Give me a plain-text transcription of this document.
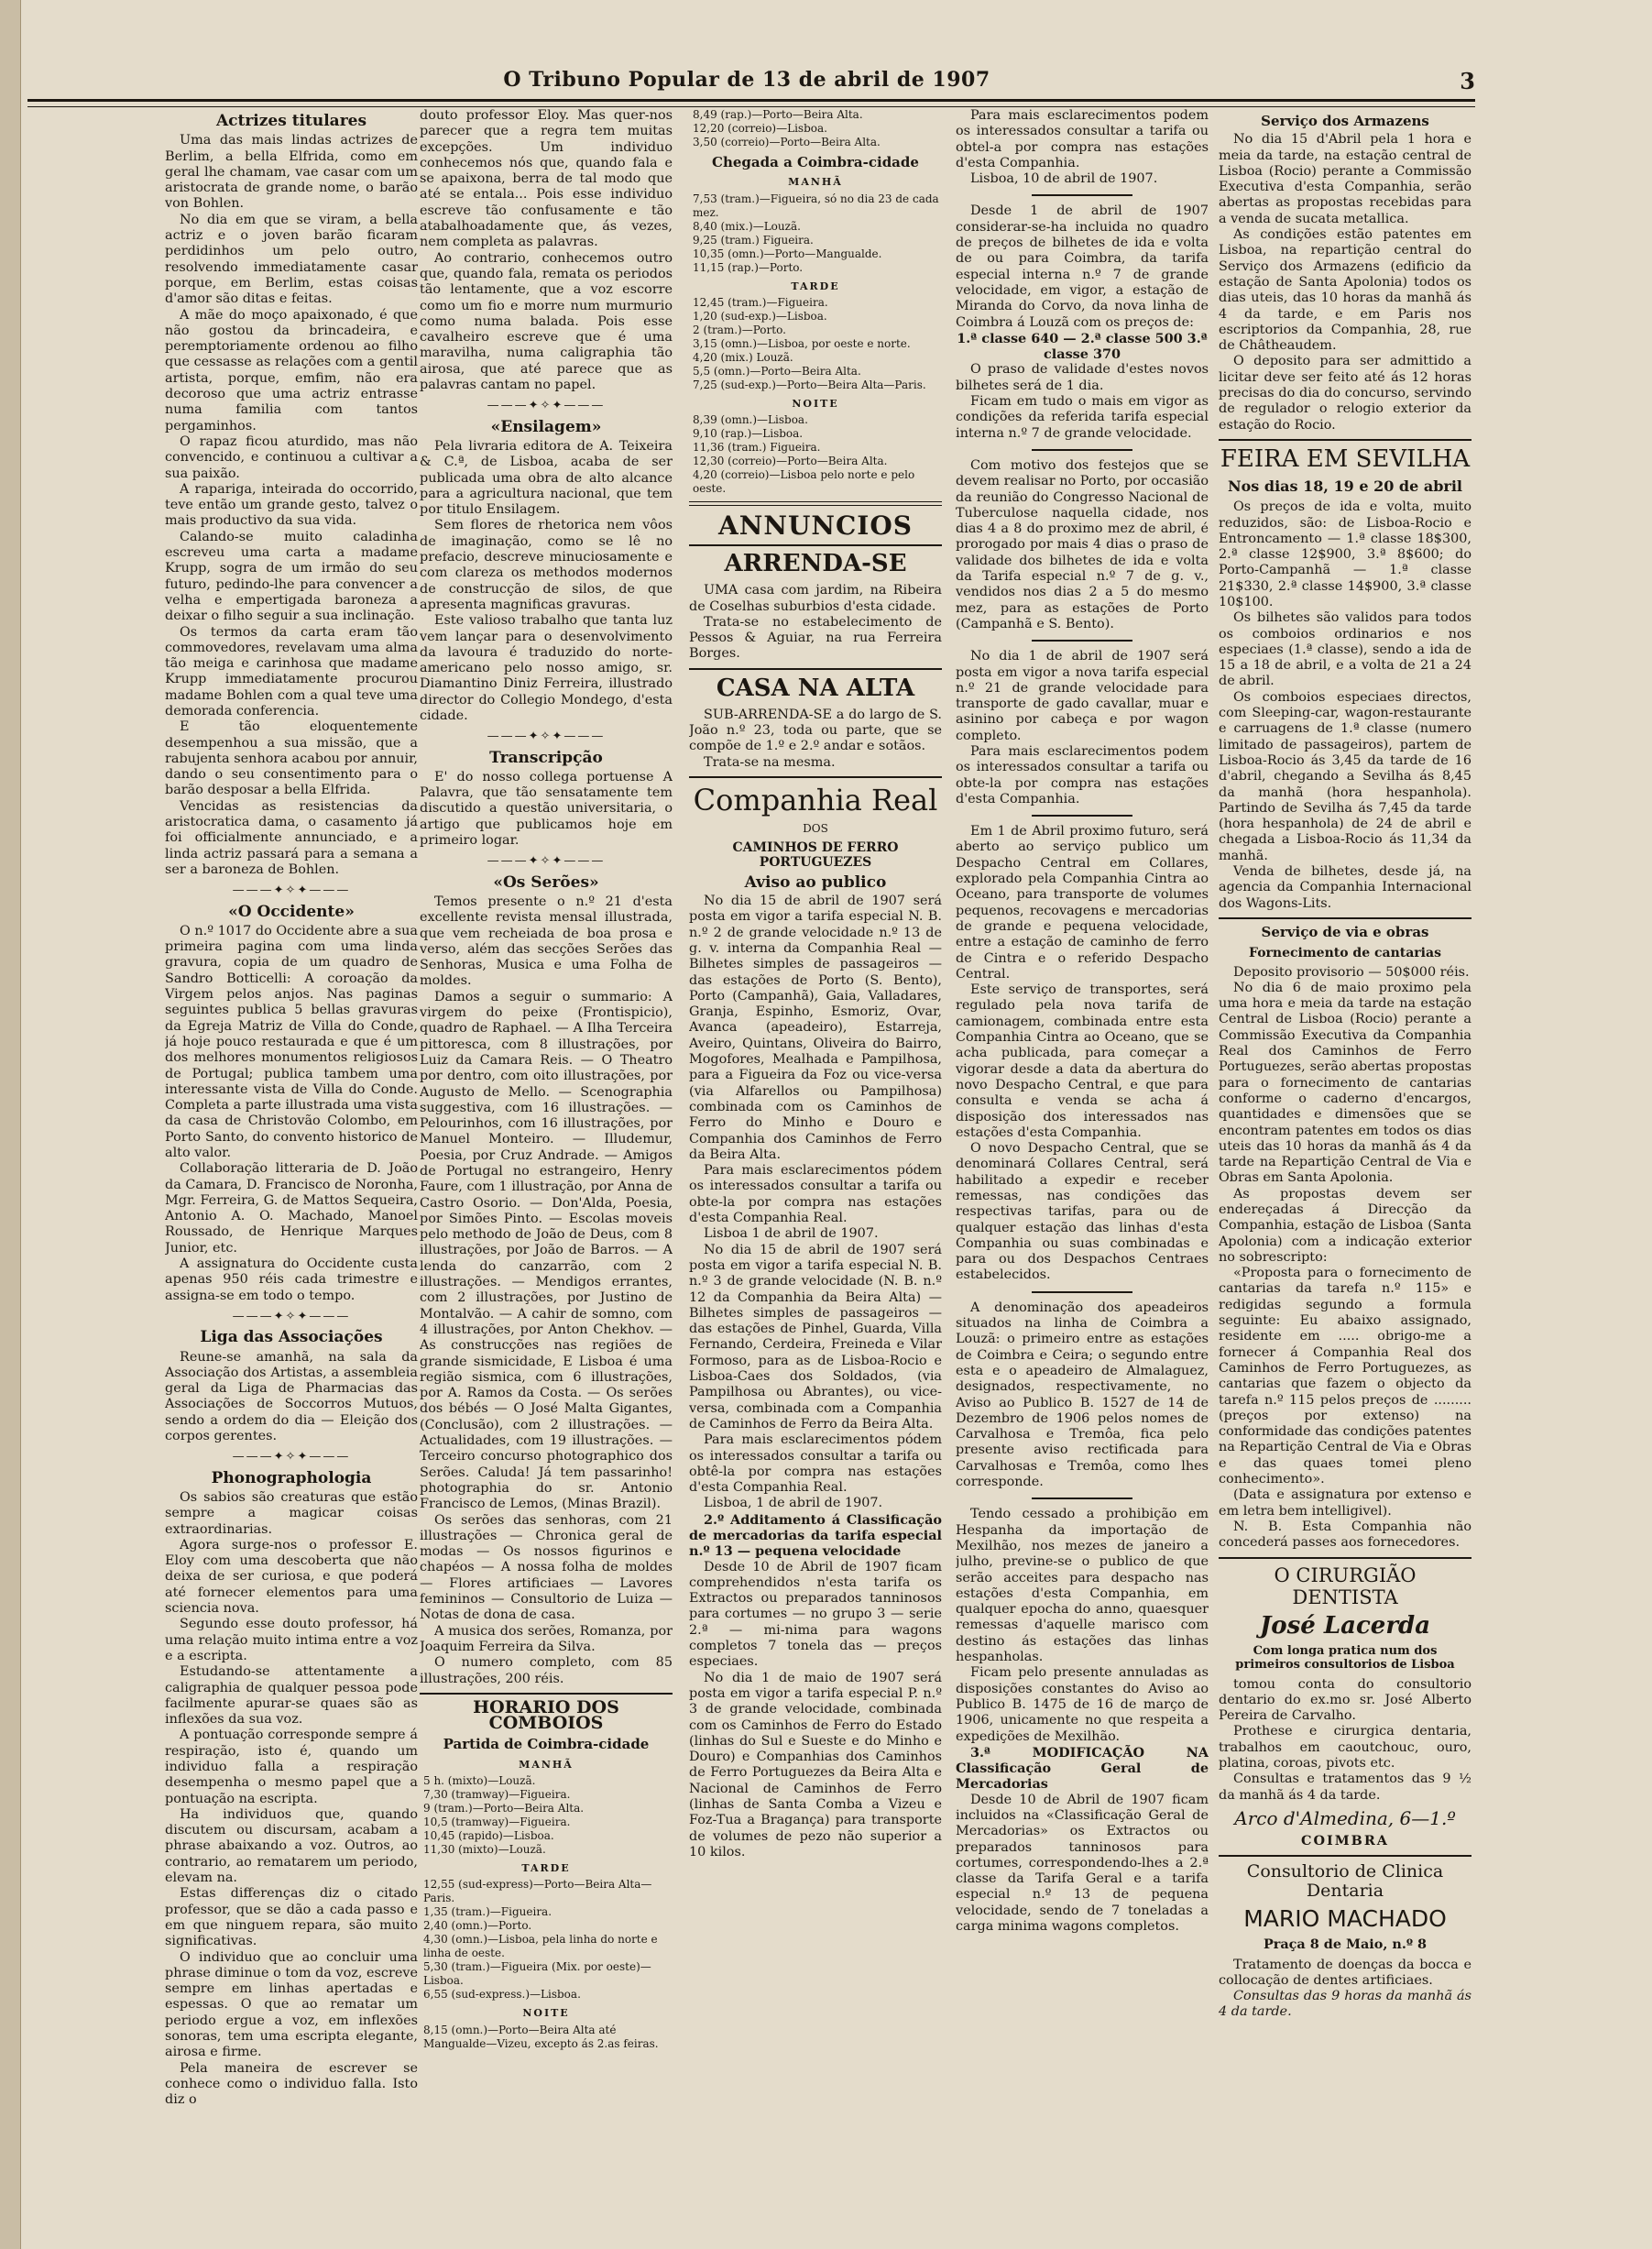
O Tribuno Popular de 13 de abril de 1907	3
Actrizes titulares

Uma das mais lindas actrizes de Berlim, a bella Elfrida, como em geral lhe chamam, vae casar com um aristocrata de grande nome, o barão von Bohlen.

No dia em que se viram, a bella actriz e o joven barão ficaram perdidinhos um pelo outro, resolvendo immediatamente casar porque, em Berlim, estas coisas d'amor são ditas e feitas.

A mãe do moço apaixonado, é que não gostou da brincadeira, e peremptoriamente ordenou ao filho que cessasse as relações com a gentil artista, porque, emfim, não era decoroso que uma actriz entrasse numa familia com tantos pergaminhos.

O rapaz ficou aturdido, mas não convencido, e continuou a cultivar a sua paixão.

A rapariga, inteirada do occorrido, teve então um grande gesto, talvez o mais productivo da sua vida.

Calando-se muito caladinha escreveu uma carta a madame Krupp, sogra de um irmão do seu futuro, pedindo-lhe para convencer a velha e empertigada baroneza a deixar o filho seguir a sua inclinação.

Os termos da carta eram tão commovedores, revelavam uma alma tão meiga e carinhosa que madame Krupp immediatamente procurou madame Bohlen com a qual teve uma demorada conferencia.

E tão eloquentemente desempenhou a sua missão, que a rabujenta senhora acabou por annuir, dando o seu consentimento para o barão desposar a bella Elfrida.

Vencidas as resistencias da aristocratica dama, o casamento já foi officialmente annunciado, e a linda actriz passará para a semana a ser a baroneza de Bohlen.

———✦✧✦———
«O Occidente»

O n.º 1017 do Occidente abre a sua primeira pagina com uma linda gravura, copia de um quadro de Sandro Botticelli: A coroação da Virgem pelos anjos. Nas paginas seguintes publica 5 bellas gravuras da Egreja Matriz de Villa do Conde, já hoje pouco restaurada e que é um dos melhores monumentos religiosos de Portugal; publica tambem uma interessante vista de Villa do Conde. Completa a parte illustrada uma vista da casa de Christovão Colombo, em Porto Santo, do convento historico de alto valor.

Collaboração litteraria de D. João da Camara, D. Francisco de Noronha, Mgr. Ferreira, G. de Mattos Sequeira, Antonio A. O. Machado, Manoel Roussado, de Henrique Marques Junior, etc.

A assignatura do Occidente custa apenas 950 réis cada trimestre e assigna-se em todo o tempo.

———✦✧✦———
Liga das Associações

Reune-se amanhã, na sala da Associação dos Artistas, a assembleia geral da Liga de Pharmacias das Associações de Soccorros Mutuos, sendo a ordem do dia — Eleição dos corpos gerentes.

———✦✧✦———
Phonographologia

Os sabios são creaturas que estão sempre a magicar coisas extraordinarias.

Agora surge-nos o professor E. Eloy com uma descoberta que não deixa de ser curiosa, e que poderá até fornecer elementos para uma sciencia nova.

Segundo esse douto professor, há uma relação muito intima entre a voz e a escripta.

Estudando-se attentamente a caligraphia de qualquer pessoa pode facilmente apurar-se quaes são as inflexões da sua voz.

A pontuação corresponde sempre á respiração, isto é, quando um individuo falla a respiração desempenha o mesmo papel que a pontuação na escripta.

Ha individuos que, quando discutem ou discursam, acabam a phrase abaixando a voz. Outros, ao contrario, ao rematarem um periodo, elevam na.

Estas differenças diz o citado professor, que se dão a cada passo e em que ninguem repara, são muito significativas.

O individuo que ao concluir uma phrase diminue o tom da voz, escreve sempre em linhas apertadas e espessas. O que ao rematar um periodo ergue a voz, em inflexões sonoras, tem uma escripta elegante, airosa e firme.

Pela maneira de escrever se conhece como o individuo falla. Isto diz o

douto professor Eloy. Mas quer-nos parecer que a regra tem muitas excepções. Um individuo conhecemos nós que, quando fala e se apaixona, berra de tal modo que até se entala... Pois esse individuo escreve tão confusamente e tão atabalhoadamente que, ás vezes, nem completa as palavras.

Ao contrario, conhecemos outro que, quando fala, remata os periodos tão lentamente, que a voz escorre como um fio e morre num murmurio como numa balada. Pois esse cavalheiro escreve que é uma maravilha, numa caligraphia tão airosa, que até parece que as palavras cantam no papel.

———✦✧✦———
«Ensilagem»

Pela livraria editora de A. Teixeira & C.ª, de Lisboa, acaba de ser publicada uma obra de alto alcance para a agricultura nacional, que tem por titulo Ensilagem.

Sem flores de rhetorica nem vôos de imaginação, como se lê no prefacio, descreve minuciosamente e com clareza os methodos modernos de construcção de silos, de que apresenta magnificas gravuras.

Este valioso trabalho que tanta luz vem lançar para o desenvolvimento da lavoura é traduzido do norte-americano pelo nosso amigo, sr. Diamantino Diniz Ferreira, illustrado director do Collegio Mondego, d'esta cidade.

———✦✧✦———
Transcripção

E' do nosso collega portuense A Palavra, que tão sensatamente tem discutido a questão universitaria, o artigo que publicamos hoje em primeiro logar.

———✦✧✦———
«Os Serões»

Temos presente o n.º 21 d'esta excellente revista mensal illustrada, que vem recheiada de boa prosa e verso, além das secções Serões das Senhoras, Musica e uma Folha de moldes.

Damos a seguir o summario: A virgem do peixe (Frontispicio), quadro de Raphael. — A Ilha Terceira pittoresca, com 8 illustrações, por Luiz da Camara Reis. — O Theatro por dentro, com oito illustrações, por Augusto de Mello. — Scenographia suggestiva, com 16 illustrações. — Pelourinhos, com 16 illustrações, por Manuel Monteiro. — Illudemur, Poesia, por Cruz Andrade. — Amigos de Portugal no estrangeiro, Henry Faure, com 1 illustração, por Anna de Castro Osorio. — Don'Alda, Poesia, por Simões Pinto. — Escolas moveis pelo methodo de João de Deus, com 8 illustrações, por João de Barros. — A lenda do canzarrão, com 2 illustrações. — Mendigos errantes, com 2 illustrações, por Justino de Montalvão. — A cahir de somno, com 4 illustrações, por Anton Chekhov. — As construcções nas regiões de grande sismicidade, E Lisboa é uma região sismica, com 6 illustrações, por A. Ramos da Costa. — Os serões dos bébés — O José Malta Gigantes, (Conclusão), com 2 illustrações. — Actualidades, com 19 illustrações. — Terceiro concurso photographico dos Serões. Caluda! Já tem passarinho! photographia do sr. Antonio Francisco de Lemos, (Minas Brazil).

Os serões das senhoras, com 21 illustrações — Chronica geral de modas — Os nossos figurinos e chapéos — A nossa folha de moldes — Flores artificiaes — Lavores femininos — Consultorio de Luiza — Notas de dona de casa.

A musica dos serões, Romanza, por Joaquim Ferreira da Silva.

O numero completo, com 85 illustrações, 200 réis.

HORARIO DOS COMBOIOS
Partida de Coimbra-cidade
MANHÃ
5 h. (mixto)—Louzã.
7,30 (tramway)—Figueira.
9 (tram.)—Porto—Beira Alta.
10,5 (tramway)—Figueira.
10,45 (rapido)—Lisboa.
11,30 (mixto)—Louzã.
TARDE
12,55 (sud-express)—Porto—Beira Alta—Paris.
1,35 (tram.)—Figueira.
2,40 (omn.)—Porto.
4,30 (omn.)—Lisboa, pela linha do norte e linha de oeste.
5,30 (tram.)—Figueira (Mix. por oeste)—Lisboa.
6,55 (sud-express.)—Lisboa.
NOITE
8,15 (omn.)—Porto—Beira Alta até Mangualde—Vizeu, excepto ás 2.as feiras.
8,49 (rap.)—Porto—Beira Alta.
12,20 (correio)—Lisboa.
3,50 (correio)—Porto—Beira Alta.
Chegada a Coimbra-cidade
MANHÃ
7,53 (tram.)—Figueira, só no dia 23 de cada mez.
8,40 (mix.)—Louzã.
9,25 (tram.) Figueira.
10,35 (omn.)—Porto—Mangualde.
11,15 (rap.)—Porto.
TARDE
12,45 (tram.)—Figueira.
1,20 (sud-exp.)—Lisboa.
2 (tram.)—Porto.
3,15 (omn.)—Lisboa, por oeste e norte.
4,20 (mix.) Louzã.
5,5 (omn.)—Porto—Beira Alta.
7,25 (sud-exp.)—Porto—Beira Alta—Paris.
NOITE
8,39 (omn.)—Lisboa.
9,10 (rap.)—Lisboa.
11,36 (tram.) Figueira.
12,30 (correio)—Porto—Beira Alta.
4,20 (correio)—Lisboa pelo norte e pelo oeste.
ANNUNCIOS
ARRENDA-SE

UMA casa com jardim, na Ribeira de Coselhas suburbios d'esta cidade.

Trata-se no estabelecimento de Pessos & Aguiar, na rua Ferreira Borges.

CASA NA ALTA

SUB-ARRENDA-SE a do largo de S. João n.º 23, toda ou parte, que se compõe de 1.º e 2.º andar e sotãos.

Trata-se na mesma.

Companhia Real
DOS
CAMINHOS DE FERRO PORTUGUEZES
Aviso ao publico

No dia 15 de abril de 1907 será posta em vigor a tarifa especial N. B. n.º 2 de grande velocidade n.º 13 de g. v. interna da Companhia Real — Bilhetes simples de passageiros — das estações de Porto (S. Bento), Porto (Campanhã), Gaia, Valladares, Granja, Espinho, Esmoriz, Ovar, Avanca (apeadeiro), Estarreja, Aveiro, Quintans, Oliveira do Bairro, Mogofores, Mealhada e Pampilhosa, para a Figueira da Foz ou vice-versa (via Alfarellos ou Pampilhosa) combinada com os Caminhos de Ferro do Minho e Douro e Companhia dos Caminhos de Ferro da Beira Alta.

Para mais esclarecimentos pódem os interessados consultar a tarifa ou obte-la por compra nas estações d'esta Companhia Real.

Lisboa 1 de abril de 1907.

No dia 15 de abril de 1907 será posta em vigor a tarifa especial N. B. n.º 3 de grande velocidade (N. B. n.º 12 da Companhia da Beira Alta) — Bilhetes simples de passageiros — das estações de Pinhel, Guarda, Villa Fernando, Cerdeira, Freineda e Vilar Formoso, para as de Lisboa-Rocio e Lisboa-Caes dos Soldados, (via Pampilhosa ou Abrantes), ou vice-versa, combinada com a Companhia de Caminhos de Ferro da Beira Alta.

Para mais esclarecimentos pódem os interessados consultar a tarifa ou obtê-la por compra nas estações d'esta Companhia Real.

Lisboa, 1 de abril de 1907.

2.º Additamento á Classificação de mercadorias da tarifa especial n.º 13 — pequena velocidade

Desde 10 de Abril de 1907 ficam comprehendidos n'esta tarifa os Extractos ou preparados tanninosos para cortumes — no grupo 3 — serie 2.ª — mi-nima para wagons completos 7 tonela das — preços especiaes.

No dia 1 de maio de 1907 será posta em vigor a tarifa especial P. n.º 3 de grande velocidade, combinada com os Caminhos de Ferro do Estado (linhas do Sul e Sueste e do Minho e Douro) e Companhias dos Caminhos de Ferro Portuguezes da Beira Alta e Nacional de Caminhos de Ferro (linhas de Santa Comba a Vizeu e Foz-Tua a Bragança) para transporte de volumes de pezo não superior a 10 kilos.

Para mais esclarecimentos podem os interessados consultar a tarifa ou obtel-a por compra nas estações d'esta Companhia.

Lisboa, 10 de abril de 1907.

Desde 1 de abril de 1907 considerar-se-ha incluida no quadro de preços de bilhetes de ida e volta de ou para Coimbra, da tarifa especial interna n.º 7 de grande velocidade, em vigor, a estação de Miranda do Corvo, da nova linha de Coimbra á Louzã com os preços de:

1.ª classe 640 — 2.ª classe 500 3.ª classe 370

O praso de validade d'estes novos bilhetes será de 1 dia.

Ficam em tudo o mais em vigor as condições da referida tarifa especial interna n.º 7 de grande velocidade.

Com motivo dos festejos que se devem realisar no Porto, por occasião da reunião do Congresso Nacional de Tuberculose naquella cidade, nos dias 4 a 8 do proximo mez de abril, é prorogado por mais 4 dias o praso de validade dos bilhetes de ida e volta da Tarifa especial n.º 7 de g. v., vendidos nos dias 2 a 5 do mesmo mez, para as estações de Porto (Campanhã e S. Bento).

No dia 1 de abril de 1907 será posta em vigor a nova tarifa especial n.º 21 de grande velocidade para transporte de gado cavallar, muar e asinino por cabeça e por wagon completo.

Para mais esclarecimentos podem os interessados consultar a tarifa ou obte-la por compra nas estações d'esta Companhia.

Em 1 de Abril proximo futuro, será aberto ao serviço publico um Despacho Central em Collares, explorado pela Companhia Cintra ao Oceano, para transporte de volumes pequenos, recovagens e mercadorias de grande e pequena velocidade, entre a estação de caminho de ferro de Cintra e o referido Despacho Central.

Este serviço de transportes, será regulado pela nova tarifa de camionagem, combinada entre esta Companhia Cintra ao Oceano, que se acha publicada, para começar a vigorar desde a data da abertura do novo Despacho Central, e que para consulta e venda se acha á disposição dos interessados nas estações d'esta Companhia.

O novo Despacho Central, que se denominará Collares Central, será habilitado a expedir e receber remessas, nas condições das respectivas tarifas, para ou de qualquer estação das linhas d'esta Companhia ou suas combinadas e para ou dos Despachos Centraes estabelecidos.

A denominação dos apeadeiros situados na linha de Coimbra a Louzã: o primeiro entre as estações de Coimbra e Ceira; o segundo entre esta e o apeadeiro de Almalaguez, designados, respectivamente, no Aviso ao Publico B. 1527 de 14 de Dezembro de 1906 pelos nomes de Carvalhosa e Tremôa, fica pelo presente aviso rectificada para Carvalhosas e Tremôa, como lhes corresponde.

Tendo cessado a prohibição em Hespanha da importação de Mexilhão, nos mezes de janeiro a julho, previne-se o publico de que serão acceites para despacho nas estações d'esta Companhia, em qualquer epocha do anno, quaesquer remessas d'aquelle marisco com destino ás estações das linhas hespanholas.

Ficam pelo presente annuladas as disposições constantes do Aviso ao Publico B. 1475 de 16 de março de 1906, unicamente no que respeita a expedições de Mexilhão.

3.ª MODIFICAÇÃO NA Classificação Geral de Mercadorias

Desde 10 de Abril de 1907 ficam incluidos na «Classificação Geral de Mercadorias» os Extractos ou preparados tanninosos para cortumes, correspondendo-lhes a 2.ª classe da Tarifa Geral e a tarifa especial n.º 13 de pequena velocidade, sendo de 7 toneladas a carga minima wagons completos.

Serviço dos Armazens

No dia 15 d'Abril pela 1 hora e meia da tarde, na estação central de Lisboa (Rocio) perante a Commissão Executiva d'esta Companhia, serão abertas as propostas recebidas para a venda de sucata metallica.

As condições estão patentes em Lisboa, na repartição central do Serviço dos Armazens (edificio da estação de Santa Apolonia) todos os dias uteis, das 10 horas da manhã ás 4 da tarde, e em Paris nos escriptorios da Companhia, 28, rue de Châtheaudem.

O deposito para ser admittido a licitar deve ser feito até ás 12 horas precisas do dia do concurso, servindo de regulador o relogio exterior da estação do Rocio.

FEIRA EM SEVILHA
Nos dias 18, 19 e 20 de abril

Os preços de ida e volta, muito reduzidos, são: de Lisboa-Rocio e Entroncamento — 1.ª classe 18$300, 2.ª classe 12$900, 3.ª 8$600; do Porto-Campanhã — 1.ª classe 21$330, 2.ª classe 14$900, 3.ª classe 10$100.

Os bilhetes são validos para todos os comboios ordinarios e nos especiaes (1.ª classe), sendo a ida de 15 a 18 de abril, e a volta de 21 a 24 de abril.

Os comboios especiaes directos, com Sleeping-car, wagon-restaurante e carruagens de 1.ª classe (numero limitado de passageiros), partem de Lisboa-Rocio ás 3,45 da tarde de 16 d'abril, chegando a Sevilha ás 8,45 da manhã (hora hespanhola). Partindo de Sevilha ás 7,45 da tarde (hora hespanhola) de 24 de abril e chegada a Lisboa-Rocio ás 11,34 da manhã.

Venda de bilhetes, desde já, na agencia da Companhia Internacional dos Wagons-Lits.

Serviço de via e obras
Fornecimento de cantarias

Deposito provisorio — 50$000 réis.

No dia 6 de maio proximo pela uma hora e meia da tarde na estação Central de Lisboa (Rocio) perante a Commissão Executiva da Companhia Real dos Caminhos de Ferro Portuguezes, serão abertas propostas para o fornecimento de cantarias conforme o caderno d'encargos, quantidades e dimensões que se encontram patentes em todos os dias uteis das 10 horas da manhã ás 4 da tarde na Repartição Central de Via e Obras em Santa Apolonia.

As propostas devem ser endereçadas á Direcção da Companhia, estação de Lisboa (Santa Apolonia) com a indicação exterior no sobrescripto:

«Proposta para o fornecimento de cantarias da tarefa n.º 115» e redigidas segundo a formula seguinte: Eu abaixo assignado, residente em ..... obrigo-me a fornecer á Companhia Real dos Caminhos de Ferro Portuguezes, as cantarias que fazem o objecto da tarefa n.º 115 pelos preços de ......... (preços por extenso) na conformidade das condições patentes na Repartição Central de Via e Obras e das quaes tomei pleno conhecimento».

(Data e assignatura por extenso e em letra bem intelligivel).

N. B. Esta Companhia não concederá passes aos fornecedores.

O CIRURGIÃO DENTISTA
José Lacerda
Com longa pratica num dos primeiros consultorios de Lisboa

tomou conta do consultorio dentario do ex.mo sr. José Alberto Pereira de Carvalho.

Prothese e cirurgica dentaria, trabalhos em caoutchouc, ouro, platina, coroas, pivots etc.

Consultas e tratamentos das 9 ½ da manhã ás 4 da tarde.

Arco d'Almedina, 6—1.º
COIMBRA
Consultorio de Clinica Dentaria
MARIO MACHADO
Praça 8 de Maio, n.º 8

Tratamento de doenças da bocca e collocação de dentes artificiaes.

Consultas das 9 horas da manhã ás 4 da tarde.
